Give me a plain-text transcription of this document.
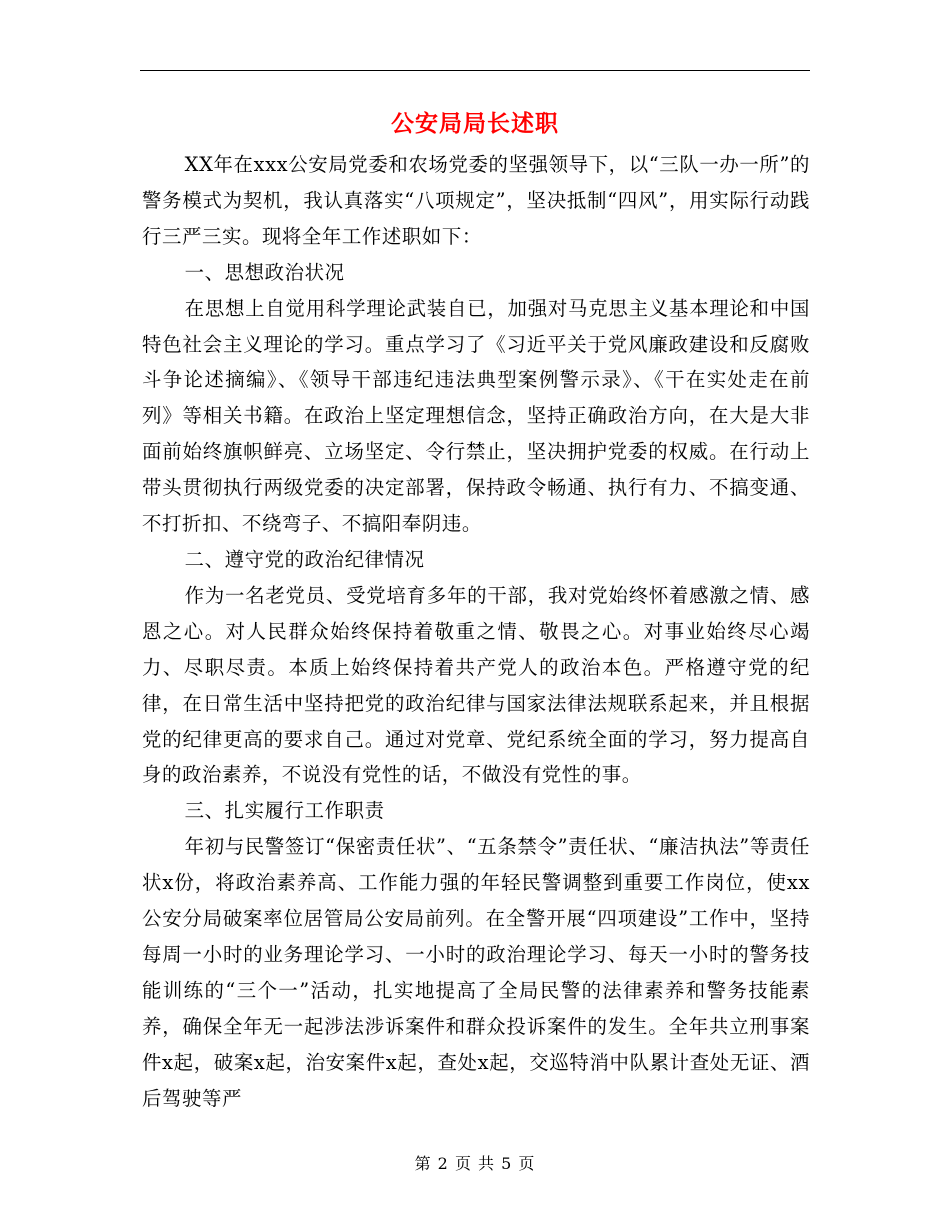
公安局局长述职

XX年在xxx公安局党委和农场党委的坚强领导下，以“三队一办一所”的警务模式为契机，我认真落实“八项规定”，坚决抵制“四风”，用实际行动践行三严三实。现将全年工作述职如下：

一、思想政治状况

在思想上自觉用科学理论武装自已，加强对马克思主义基本理论和中国特色社会主义理论的学习。重点学习了《习近平关于党风廉政建设和反腐败斗争论述摘编》、《领导干部违纪违法典型案例警示录》、《干在实处走在前列》等相关书籍。在政治上坚定理想信念，坚持正确政治方向，在大是大非面前始终旗帜鲜亮、立场坚定、令行禁止，坚决拥护党委的权威。在行动上带头贯彻执行两级党委的决定部署，保持政令畅通、执行有力、不搞变通、不打折扣、不绕弯子、不搞阳奉阴违。

二、遵守党的政治纪律情况

作为一名老党员、受党培育多年的干部，我对党始终怀着感激之情、感恩之心。对人民群众始终保持着敬重之情、敬畏之心。对事业始终尽心竭力、尽职尽责。本质上始终保持着共产党人的政治本色。严格遵守党的纪律，在日常生活中坚持把党的政治纪律与国家法律法规联系起来，并且根据党的纪律更高的要求自己。通过对党章、党纪系统全面的学习，努力提高自身的政治素养，不说没有党性的话，不做没有党性的事。

三、扎实履行工作职责

年初与民警签订“保密责任状”、“五条禁令”责任状、“廉洁执法”等责任状x份，将政治素养高、工作能力强的年轻民警调整到重要工作岗位，使xx公安分局破案率位居管局公安局前列。在全警开展“四项建设”工作中，坚持每周一小时的业务理论学习、一小时的政治理论学习、每天一小时的警务技能训练的“三个一”活动，扎实地提高了全局民警的法律素养和警务技能素养，确保全年无一起涉法涉诉案件和群众投诉案件的发生。全年共立刑事案件x起，破案x起，治安案件x起，查处x起，交巡特消中队累计查处无证、酒后驾驶等严

第 2 页 共 5 页
